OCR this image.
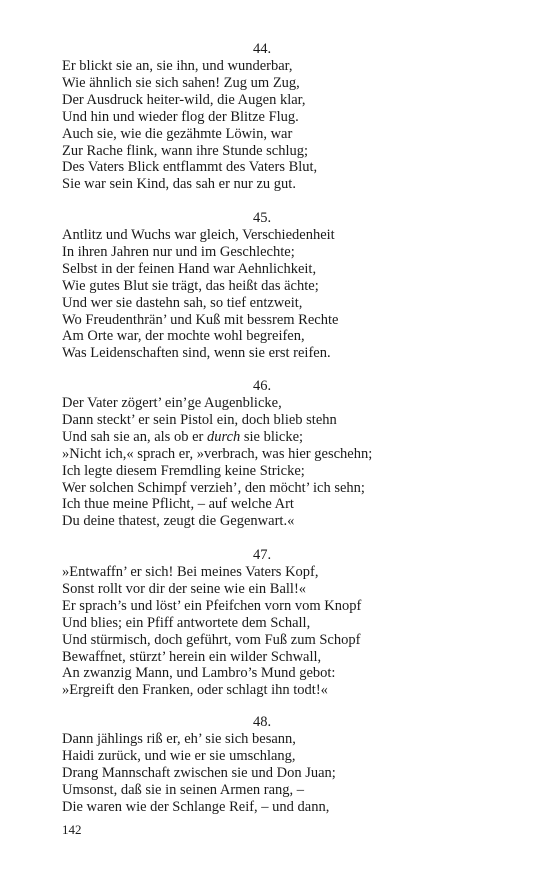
44.
Er blickt sie an, sie ihn, und wunderbar,
Wie ähnlich sie sich sahen! Zug um Zug,
Der Ausdruck heiter-wild, die Augen klar,
Und hin und wieder flog der Blitze Flug.
Auch sie, wie die gezähmte Löwin, war
Zur Rache flink, wann ihre Stunde schlug;
Des Vaters Blick entflammt des Vaters Blut,
Sie war sein Kind, das sah er nur zu gut.
45.
Antlitz und Wuchs war gleich, Verschiedenheit
In ihren Jahren nur und im Geschlechte;
Selbst in der feinen Hand war Aehnlichkeit,
Wie gutes Blut sie trägt, das heißt das ächte;
Und wer sie dastehn sah, so tief entzweit,
Wo Freudenthrän’ und Kuß mit bessrem Rechte
Am Orte war, der mochte wohl begreifen,
Was Leidenschaften sind, wenn sie erst reifen.
46.
Der Vater zögert’ ein’ge Augenblicke,
Dann steckt’ er sein Pistol ein, doch blieb stehn
Und sah sie an, als ob er durch sie blicke;
»Nicht ich,« sprach er, »verbrach, was hier geschehn;
Ich legte diesem Fremdling keine Stricke;
Wer solchen Schimpf verzieh’, den möcht’ ich sehn;
Ich thue meine Pflicht, – auf welche Art
Du deine thatest, zeugt die Gegenwart.«
47.
»Entwaffn’ er sich! Bei meines Vaters Kopf,
Sonst rollt vor dir der seine wie ein Ball!«
Er sprach’s und löst’ ein Pfeifchen vorn vom Knopf
Und blies; ein Pfiff antwortete dem Schall,
Und stürmisch, doch geführt, vom Fuß zum Schopf
Bewaffnet, stürzt’ herein ein wilder Schwall,
An zwanzig Mann, und Lambro’s Mund gebot:
»Ergreift den Franken, oder schlagt ihn todt!«
48.
Dann jählings riß er, eh’ sie sich besann,
Haidi zurück, und wie er sie umschlang,
Drang Mannschaft zwischen sie und Don Juan;
Umsonst, daß sie in seinen Armen rang, –
Die waren wie der Schlange Reif, – und dann,
142
